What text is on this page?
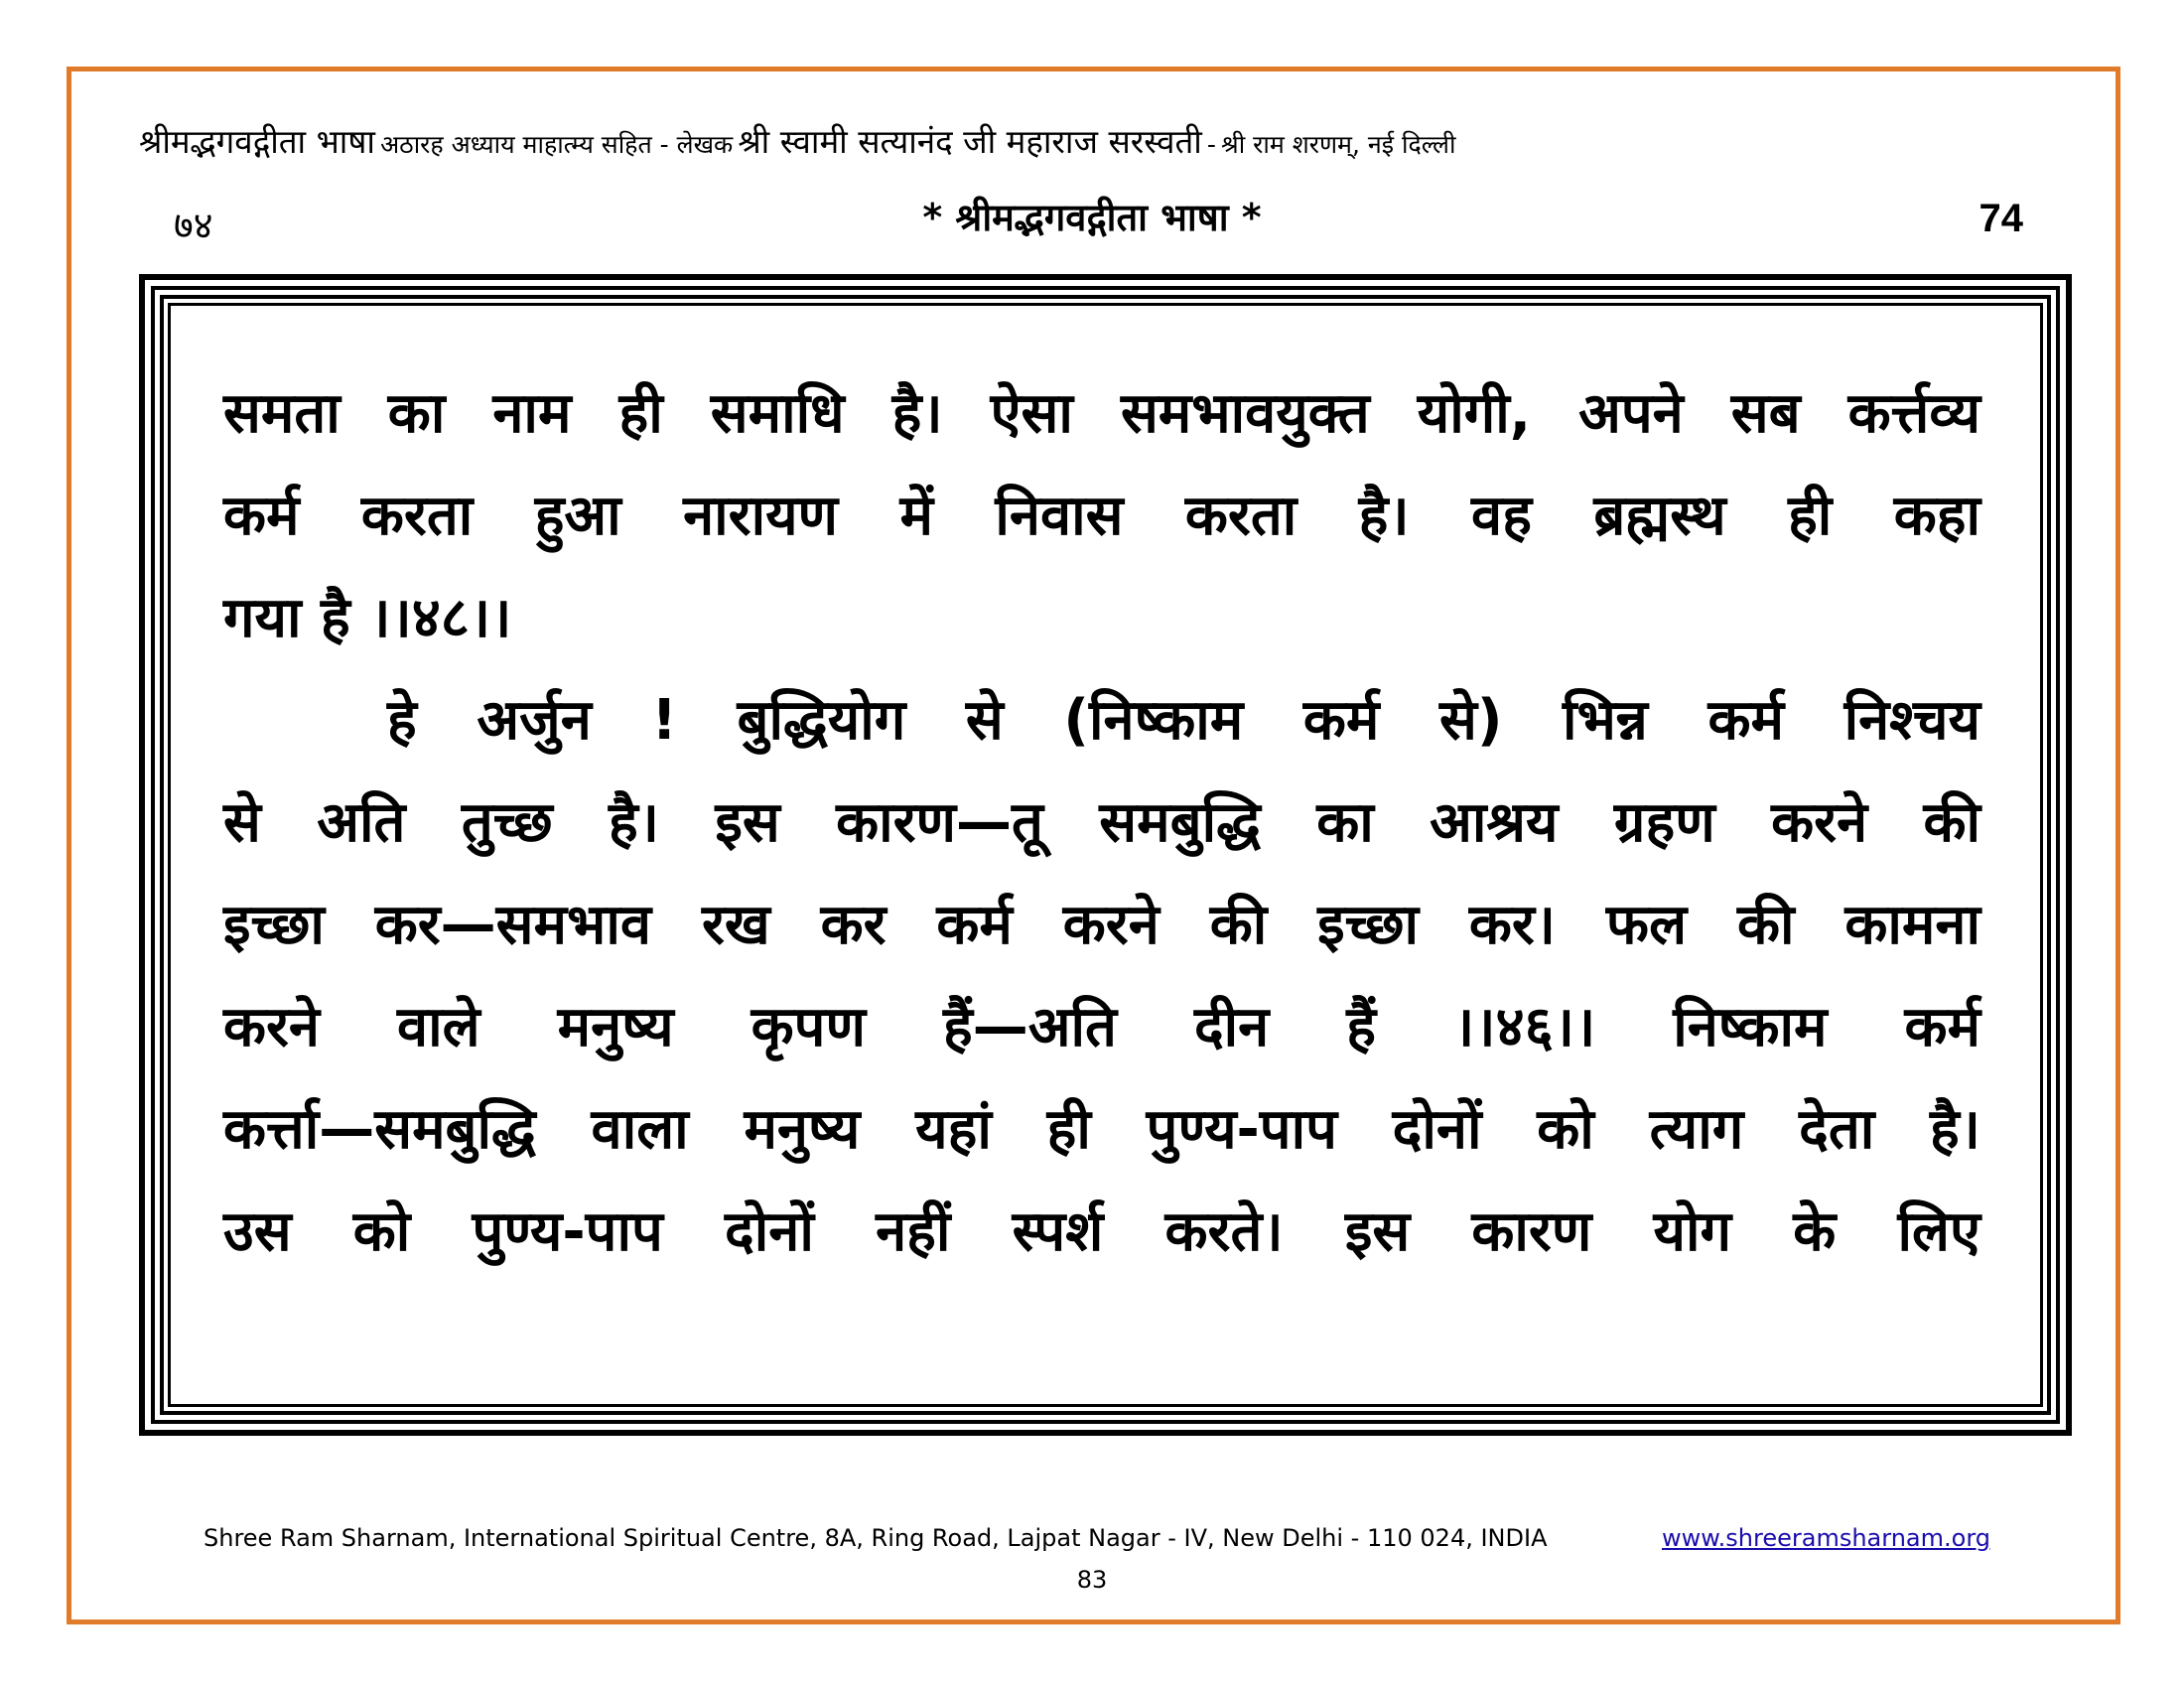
श्रीमद्भगवद्गीता भाषा अठारह अध्याय माहात्म्य सहित - लेखक श्री स्वामी सत्यानंद जी महाराज सरस्वती - श्री राम शरणम्, नई दिल्ली
७४	* श्रीमद्भगवद्गीता भाषा *	74
समता का नाम ही समाधि है। ऐसा समभावयुक्त योगी, अपने सब कर्त्तव्य
कर्म करता हुआ नारायण में निवास करता है। वह ब्रह्मस्थ ही कहा
गया है ।।४८।।
हे अर्जुन ! बुद्धियोग से (निष्काम कर्म से) भिन्न कर्म निश्चय
से अति तुच्छ है। इस कारण—तू समबुद्धि का आश्रय ग्रहण करने की
इच्छा कर—समभाव रख कर कर्म करने की इच्छा कर। फल की कामना
करने वाले मनुष्य कृपण हैं—अति दीन हैं ।।४६।। निष्काम कर्म
कर्त्ता—समबुद्धि वाला मनुष्य यहां ही पुण्य-पाप दोनों को त्याग देता है।
उस को पुण्य-पाप दोनों नहीं स्पर्श करते। इस कारण योग के लिए
Shree Ram Sharnam, International Spiritual Centre, 8A, Ring Road, Lajpat Nagar - IV, New Delhi - 110 024, INDIA	www.shreeramsharnam.org
83
